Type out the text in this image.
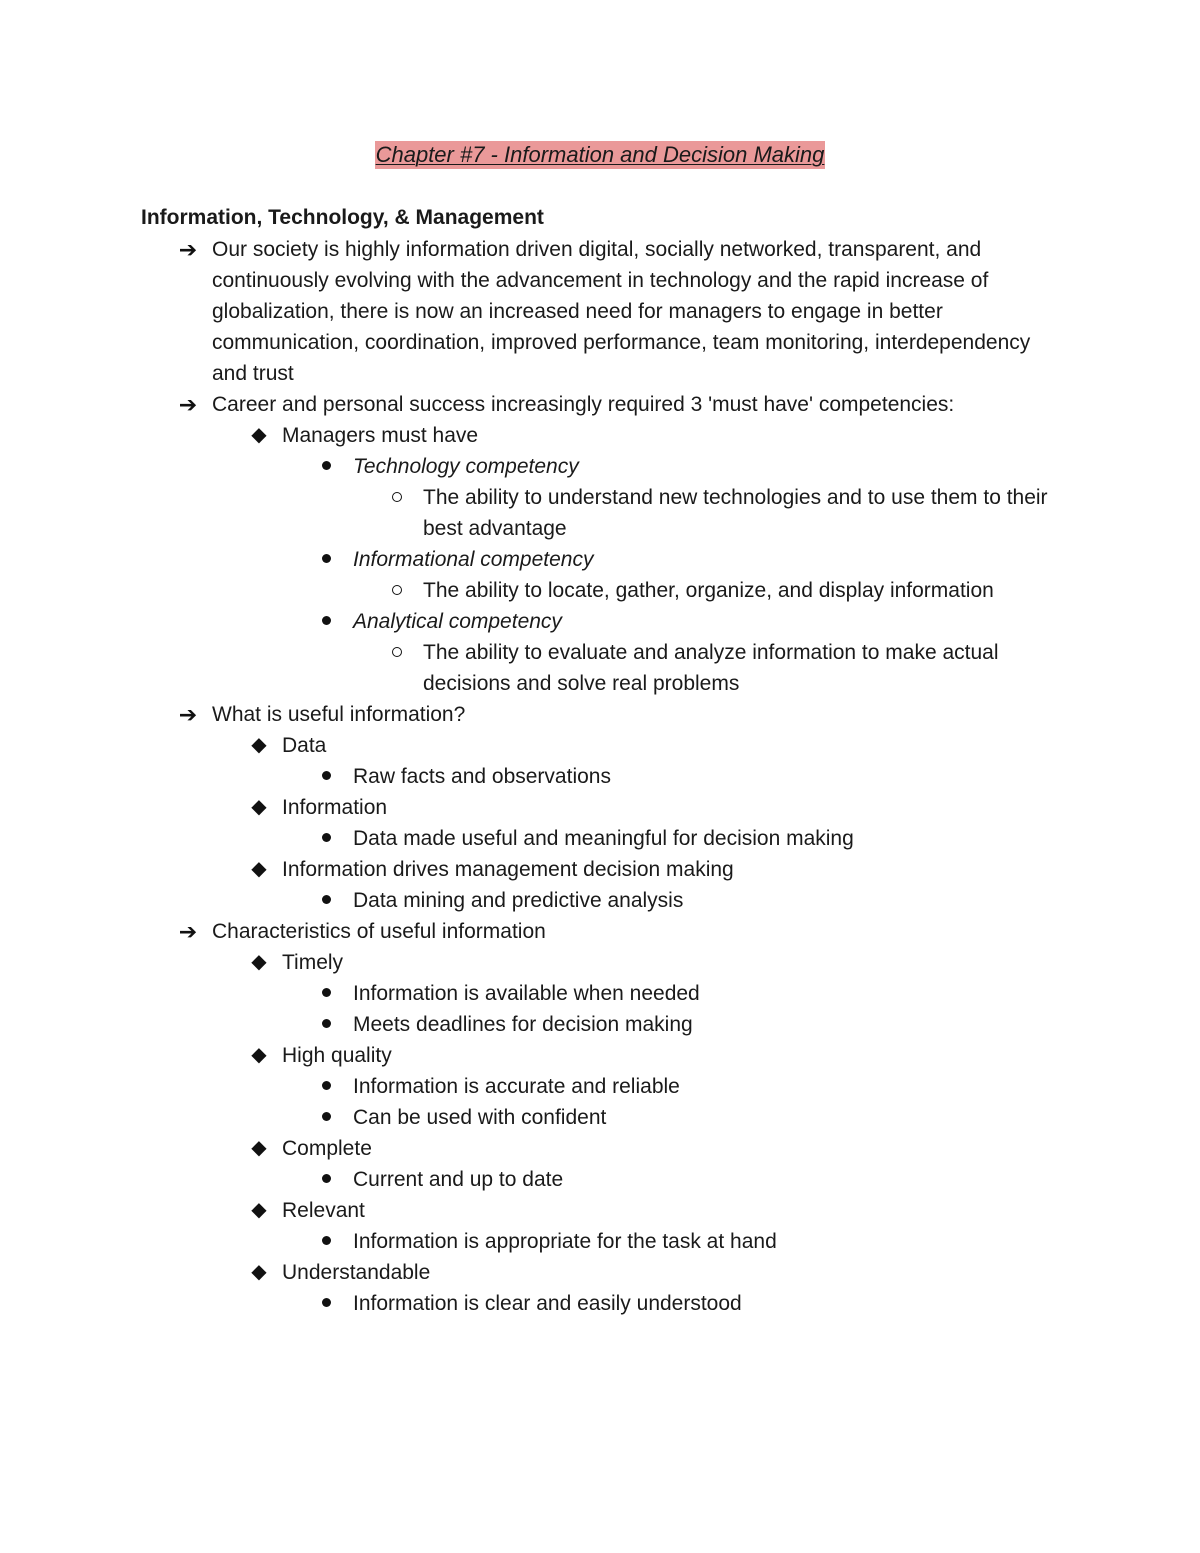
Chapter #7 - Information and Decision Making
Information, Technology, & Management
➔ Our society is highly information driven digital, socially networked, transparent, and continuously evolving with the advancement in technology and the rapid increase of globalization, there is now an increased need for managers to engage in better communication, coordination, improved performance, team monitoring, interdependency and trust
➔ Career and personal success increasingly required 3 'must have' competencies:
◆ Managers must have
Technology competency
The ability to understand new technologies and to use them to their best advantage
Informational competency
The ability to locate, gather, organize, and display information
Analytical competency
The ability to evaluate and analyze information to make actual decisions and solve real problems
➔ What is useful information?
◆ Data
Raw facts and observations
◆ Information
Data made useful and meaningful for decision making
◆ Information drives management decision making
Data mining and predictive analysis
➔ Characteristics of useful information
◆ Timely
Information is available when needed
Meets deadlines for decision making
◆ High quality
Information is accurate and reliable
Can be used with confident
◆ Complete
Current and up to date
◆ Relevant
Information is appropriate for the task at hand
◆ Understandable
Information is clear and easily understood
